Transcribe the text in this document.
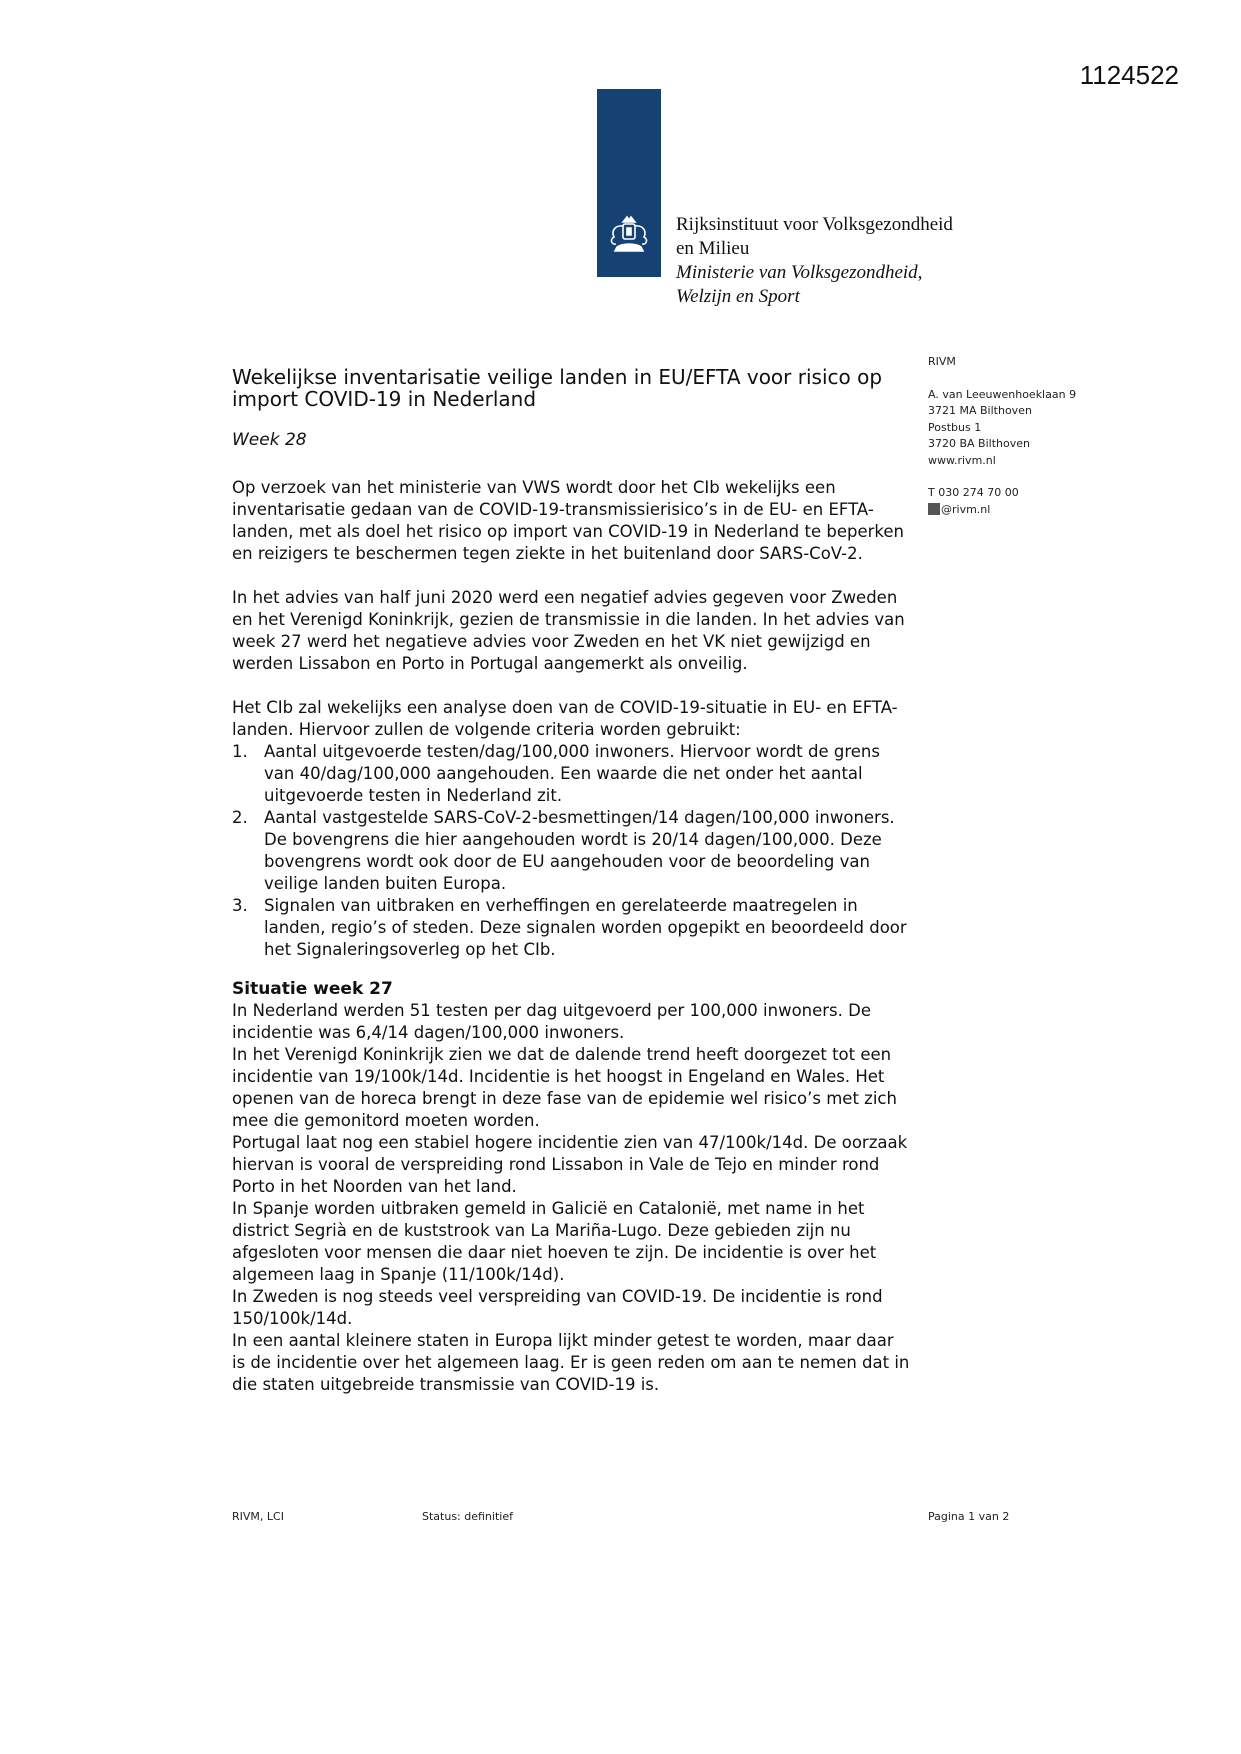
1124522
Rijksinstituut voor Volksgezondheid
en Milieu
Ministerie van Volksgezondheid,
Welzijn en Sport
RIVM
A. van Leeuwenhoeklaan 9
3721 MA Bilthoven
Postbus 1
3720 BA Bilthoven
www.rivm.nl
T 030 274 70 00
@rivm.nl
Wekelijkse inventarisatie veilige landen in EU/EFTA voor risico op import COVID-19 in Nederland
Week 28

Op verzoek van het ministerie van VWS wordt door het CIb wekelijks een inventarisatie gedaan van de COVID-19-transmissierisico’s in de EU- en EFTA-landen, met als doel het risico op import van COVID-19 in Nederland te beperken en reizigers te beschermen tegen ziekte in het buitenland door SARS-CoV-2.

In het advies van half juni 2020 werd een negatief advies gegeven voor Zweden en het Verenigd Koninkrijk, gezien de transmissie in die landen. In het advies van week 27 werd het negatieve advies voor Zweden en het VK niet gewijzigd en werden Lissabon en Porto in Portugal aangemerkt als onveilig.

Het CIb zal wekelijks een analyse doen van de COVID-19-situatie in EU- en EFTA-landen. Hiervoor zullen de volgende criteria worden gebruikt:

1. Aantal uitgevoerde testen/dag/100,000 inwoners. Hiervoor wordt de grens van 40/dag/100,000 aangehouden. Een waarde die net onder het aantal uitgevoerde testen in Nederland zit.
2. Aantal vastgestelde SARS-CoV-2-besmettingen/14 dagen/100,000 inwoners. De bovengrens die hier aangehouden wordt is 20/14 dagen/100,000. Deze bovengrens wordt ook door de EU aangehouden voor de beoordeling van veilige landen buiten Europa.
3. Signalen van uitbraken en verheffingen en gerelateerde maatregelen in landen, regio’s of steden. Deze signalen worden opgepikt en beoordeeld door het Signaleringsoverleg op het CIb.
Situatie week 27

In Nederland werden 51 testen per dag uitgevoerd per 100,000 inwoners. De incidentie was 6,4/14 dagen/100,000 inwoners.

In het Verenigd Koninkrijk zien we dat de dalende trend heeft doorgezet tot een incidentie van 19/100k/14d. Incidentie is het hoogst in Engeland en Wales. Het openen van de horeca brengt in deze fase van de epidemie wel risico’s met zich mee die gemonitord moeten worden.

Portugal laat nog een stabiel hogere incidentie zien van 47/100k/14d. De oorzaak hiervan is vooral de verspreiding rond Lissabon in Vale de Tejo en minder rond Porto in het Noorden van het land.

In Spanje worden uitbraken gemeld in Galicië en Catalonië, met name in het district Segrià en de kuststrook van La Mariña-Lugo. Deze gebieden zijn nu afgesloten voor mensen die daar niet hoeven te zijn. De incidentie is over het algemeen laag in Spanje (11/100k/14d).

In Zweden is nog steeds veel verspreiding van COVID-19. De incidentie is rond 150/100k/14d.

In een aantal kleinere staten in Europa lijkt minder getest te worden, maar daar is de incidentie over het algemeen laag. Er is geen reden om aan te nemen dat in die staten uitgebreide transmissie van COVID-19 is.

RIVM, LCI	Status: definitief	Pagina 1 van 2
